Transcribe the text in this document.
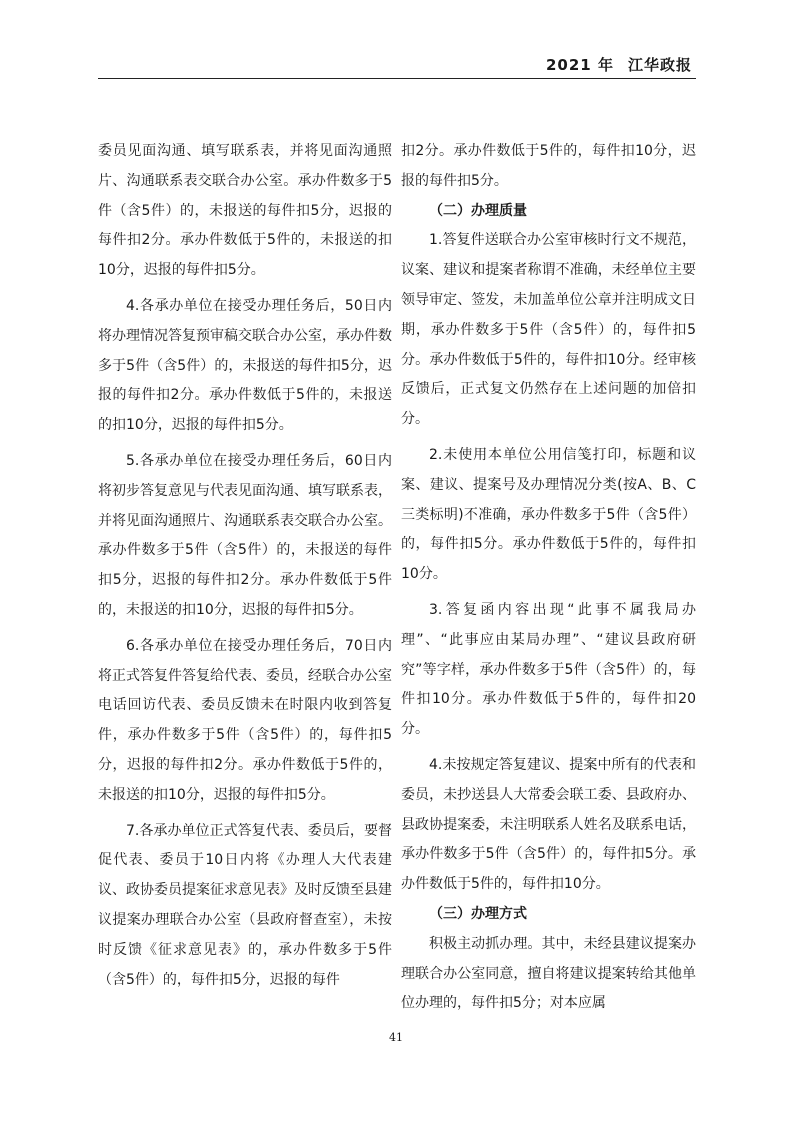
2021 年 江华政报

委员见面沟通、填写联系表，并将见面沟通照片、沟通联系表交联合办公室。承办件数多于5件（含5件）的，未报送的每件扣5分，迟报的每件扣2分。承办件数低于5件的，未报送的扣10分，迟报的每件扣5分。

4.各承办单位在接受办理任务后，50日内将办理情况答复预审稿交联合办公室，承办件数多于5件（含5件）的，未报送的每件扣5分，迟报的每件扣2分。承办件数低于5件的，未报送的扣10分，迟报的每件扣5分。

5.各承办单位在接受办理任务后，60日内将初步答复意见与代表见面沟通、填写联系表，并将见面沟通照片、沟通联系表交联合办公室。承办件数多于5件（含5件）的，未报送的每件扣5分，迟报的每件扣2分。承办件数低于5件的，未报送的扣10分，迟报的每件扣5分。

6.各承办单位在接受办理任务后，70日内将正式答复件答复给代表、委员，经联合办公室电话回访代表、委员反馈未在时限内收到答复件，承办件数多于5件（含5件）的，每件扣5分，迟报的每件扣2分。承办件数低于5件的，未报送的扣10分，迟报的每件扣5分。

7.各承办单位正式答复代表、委员后，要督促代表、委员于10日内将《办理人大代表建议、政协委员提案征求意见表》及时反馈至县建议提案办理联合办公室（县政府督查室），未按时反馈《征求意见表》的，承办件数多于5件（含5件）的，每件扣5分，迟报的每件

扣2分。承办件数低于5件的，每件扣10分，迟报的每件扣5分。

（二）办理质量

1.答复件送联合办公室审核时行文不规范，议案、建议和提案者称谓不准确，未经单位主要领导审定、签发，未加盖单位公章并注明成文日期，承办件数多于5件（含5件）的，每件扣5分。承办件数低于5件的，每件扣10分。经审核反馈后，正式复文仍然存在上述问题的加倍扣分。

2.未使用本单位公用信笺打印，标题和议案、建议、提案号及办理情况分类(按A、B、C三类标明)不准确，承办件数多于5件（含5件）的，每件扣5分。承办件数低于5件的，每件扣10分。

3.答复函内容出现“此事不属我局办理”、“此事应由某局办理”、“建议县政府研究”等字样，承办件数多于5件（含5件）的，每件扣10分。承办件数低于5件的，每件扣20分。

4.未按规定答复建议、提案中所有的代表和委员，未抄送县人大常委会联工委、县政府办、县政协提案委，未注明联系人姓名及联系电话，承办件数多于5件（含5件）的，每件扣5分。承办件数低于5件的，每件扣10分。

（三）办理方式

积极主动抓办理。其中，未经县建议提案办理联合办公室同意，擅自将建议提案转给其他单位办理的，每件扣5分；对本应属

41
